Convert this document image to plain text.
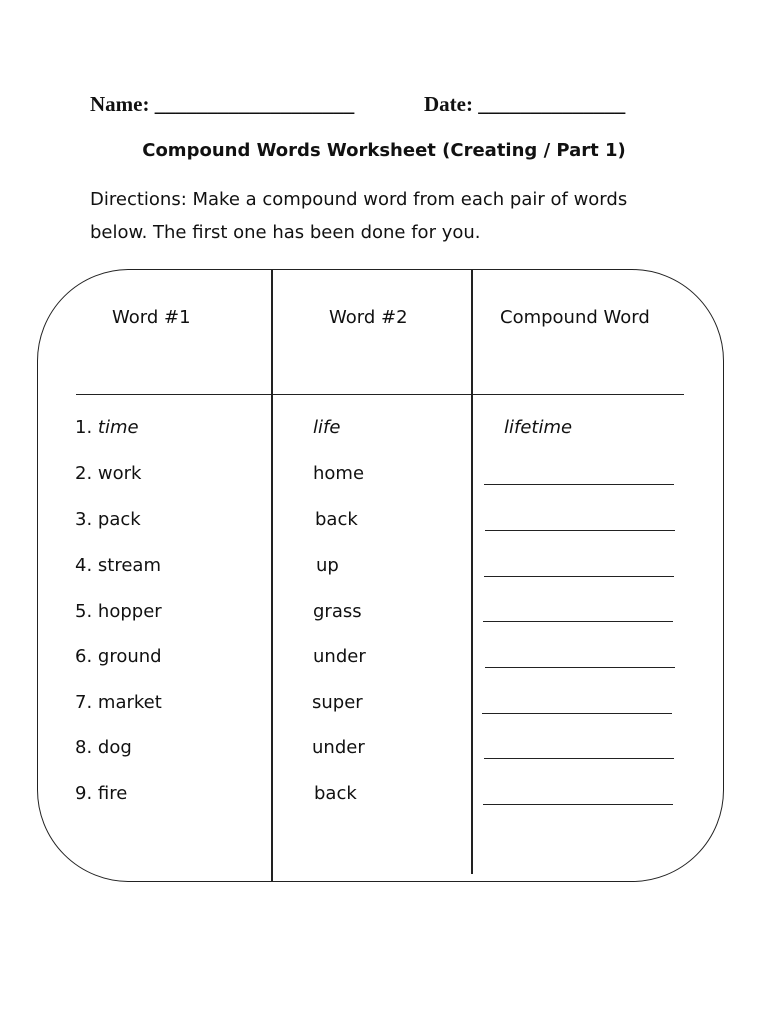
Name: ___________________	Date: ______________
Compound Words Worksheet (Creating / Part 1)
Directions: Make a compound word from each pair of words below. The first one has been done for you.
Word #1	Word #2	Compound Word
1. time	life	lifetime
2. work	home
3. pack	back
4. stream	up
5. hopper	grass
6. ground	under
7. market	super
8. dog	under
9. fire	back
